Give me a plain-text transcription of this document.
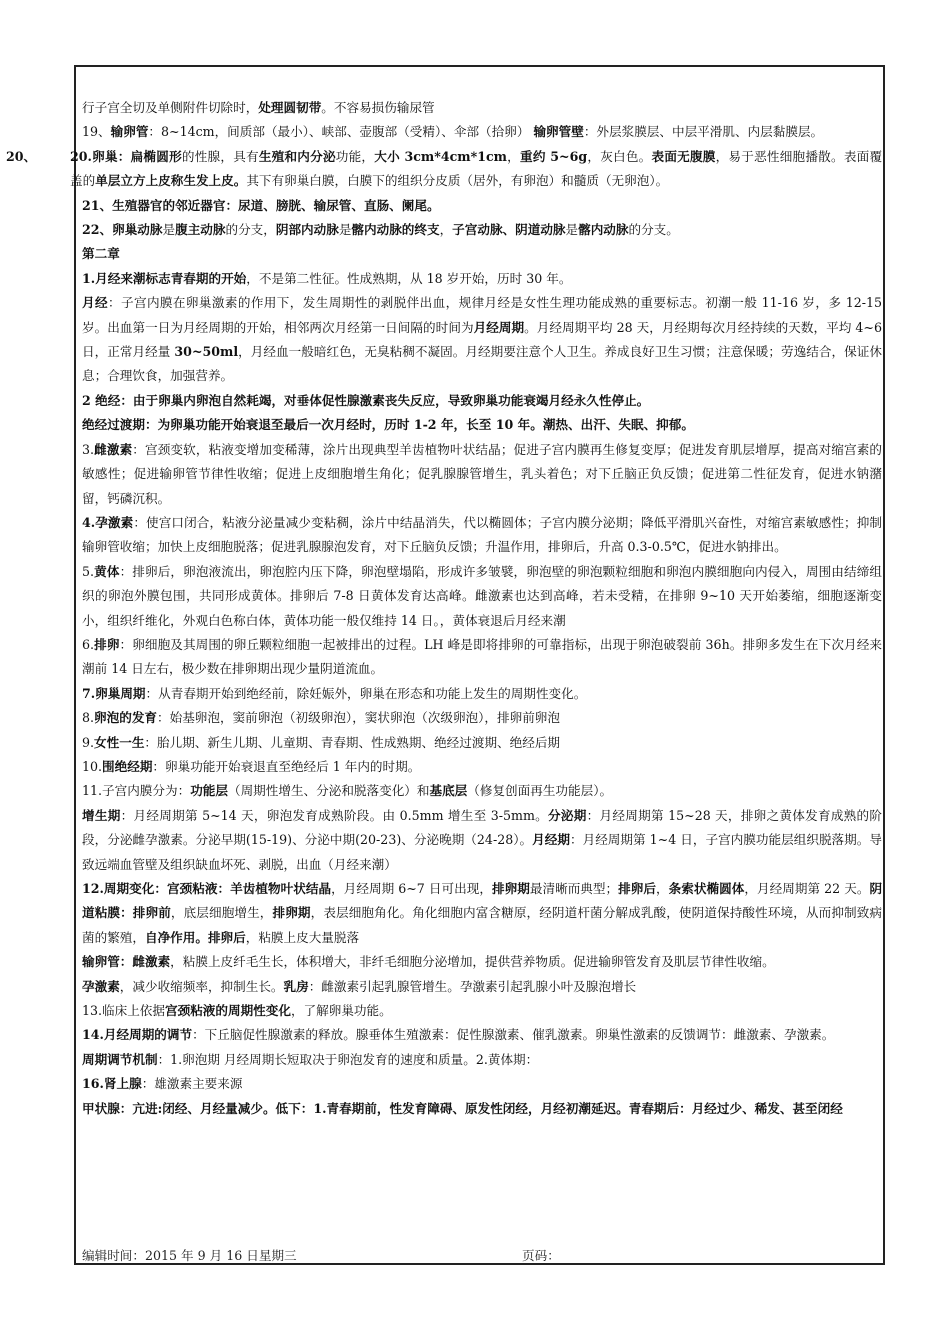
行子宫全切及单侧附件切除时，处理圆韧带。不容易损伤输尿管

19、输卵管：8~14cm，间质部（最小）、峡部、壶腹部（受精）、伞部（拾卵） 输卵管壁：外层浆膜层、中层平滑肌、内层黏膜层。

20、	20.卵巢：扁椭圆形的性腺，具有生殖和内分泌功能，大小 3cm*4cm*1cm，重约 5~6g，灰白色。表面无腹膜，易于恶性细胞播散。表面覆盖的单层立方上皮称生发上皮。其下有卵巢白膜，白膜下的组织分皮质（居外，有卵泡）和髓质（无卵泡）。

21、生殖器官的邻近器官：尿道、膀胱、输尿管、直肠、阑尾。

22、卵巢动脉是腹主动脉的分支，阴部内动脉是髂内动脉的终支，子宫动脉、阴道动脉是髂内动脉的分支。

第二章

1.月经来潮标志青春期的开始，不是第二性征。性成熟期，从 18 岁开始，历时 30 年。

月经：子宫内膜在卵巢激素的作用下，发生周期性的剥脱伴出血，规律月经是女性生理功能成熟的重要标志。初潮一般 11-16 岁，多 12-15 岁。出血第一日为月经周期的开始，相邻两次月经第一日间隔的时间为月经周期。月经周期平均 28 天，月经期每次月经持续的天数，平均 4~6 日，正常月经量 30~50ml，月经血一般暗红色，无臭粘稠不凝固。月经期要注意个人卫生。养成良好卫生习惯；注意保暖；劳逸结合，保证休息；合理饮食，加强营养。

2 绝经：由于卵巢内卵泡自然耗竭，对垂体促性腺激素丧失反应，导致卵巢功能衰竭月经永久性停止。

绝经过渡期：为卵巢功能开始衰退至最后一次月经时，历时 1-2 年，长至 10 年。潮热、出汗、失眠、抑郁。

3.雌激素：宫颈变软，粘液变增加变稀薄，涂片出现典型羊齿植物叶状结晶；促进子宫内膜再生修复变厚；促进发育肌层增厚，提高对缩宫素的敏感性；促进输卵管节律性收缩；促进上皮细胞增生角化；促乳腺腺管增生，乳头着色；对下丘脑正负反馈；促进第二性征发育，促进水钠潴留，钙磷沉积。

4.孕激素：使宫口闭合，粘液分泌量减少变粘稠，涂片中结晶消失，代以椭圆体；子宫内膜分泌期；降低平滑肌兴奋性，对缩宫素敏感性；抑制输卵管收缩；加快上皮细胞脱落；促进乳腺腺泡发育，对下丘脑负反馈；升温作用，排卵后，升高 0.3-0.5℃，促进水钠排出。

5.黄体：排卵后，卵泡液流出，卵泡腔内压下降，卵泡壁塌陷，形成许多皱襞，卵泡壁的卵泡颗粒细胞和卵泡内膜细胞向内侵入，周围由结缔组织的卵泡外膜包围，共同形成黄体。排卵后 7-8 日黄体发育达高峰。雌激素也达到高峰，若未受精，在排卵 9~10 天开始萎缩，细胞逐渐变小，组织纤维化，外观白色称白体，黄体功能一般仅维持 14 日。，黄体衰退后月经来潮

6.排卵：卵细胞及其周围的卵丘颗粒细胞一起被排出的过程。LH 峰是即将排卵的可靠指标，出现于卵泡破裂前 36h。排卵多发生在下次月经来潮前 14 日左右，极少数在排卵期出现少量阴道流血。

7.卵巢周期：从青春期开始到绝经前，除妊娠外，卵巢在形态和功能上发生的周期性变化。

8.卵泡的发育：始基卵泡，窦前卵泡（初级卵泡），窦状卵泡（次级卵泡），排卵前卵泡

9.女性一生：胎儿期、新生儿期、儿童期、青春期、性成熟期、绝经过渡期、绝经后期

10.围绝经期：卵巢功能开始衰退直至绝经后 1 年内的时期。

11.子宫内膜分为：功能层（周期性增生、分泌和脱落变化）和基底层（修复创面再生功能层）。

增生期：月经周期第 5~14 天，卵泡发育成熟阶段。由 0.5mm 增生至 3-5mm。分泌期：月经周期第 15~28 天，排卵之黄体发育成熟的阶段，分泌雌孕激素。分泌早期(15-19)、分泌中期(20-23)、分泌晚期（24-28）。月经期：月经周期第 1~4 日，子宫内膜功能层组织脱落期。导致远端血管壁及组织缺血坏死、剥脱，出血（月经来潮）

12.周期变化：宫颈粘液：羊齿植物叶状结晶，月经周期 6~7 日可出现，排卵期最清晰而典型；排卵后，条索状椭圆体，月经周期第 22 天。阴道粘膜：排卵前，底层细胞增生，排卵期，表层细胞角化。角化细胞内富含糖原，经阴道杆菌分解成乳酸，使阴道保持酸性环境，从而抑制致病菌的繁殖，自净作用。排卵后，粘膜上皮大量脱落

输卵管：雌激素，粘膜上皮纤毛生长，体积增大，非纤毛细胞分泌增加，提供营养物质。促进输卵管发育及肌层节律性收缩。

孕激素，减少收缩频率，抑制生长。乳房：雌激素引起乳腺管增生。孕激素引起乳腺小叶及腺泡增长

13.临床上依据宫颈粘液的周期性变化，了解卵巢功能。

14.月经周期的调节：下丘脑促性腺激素的释放。腺垂体生殖激素：促性腺激素、催乳激素。卵巢性激素的反馈调节：雌激素、孕激素。

周期调节机制：1.卵泡期 月经周期长短取决于卵泡发育的速度和质量。2.黄体期：

16.肾上腺：雄激素主要来源

甲状腺：亢进:闭经、月经量减少。低下：1.青春期前，性发育障碍、原发性闭经，月经初潮延迟。青春期后：月经过少、稀发、甚至闭经

编辑时间：2015 年 9 月 16 日星期三	页码：
